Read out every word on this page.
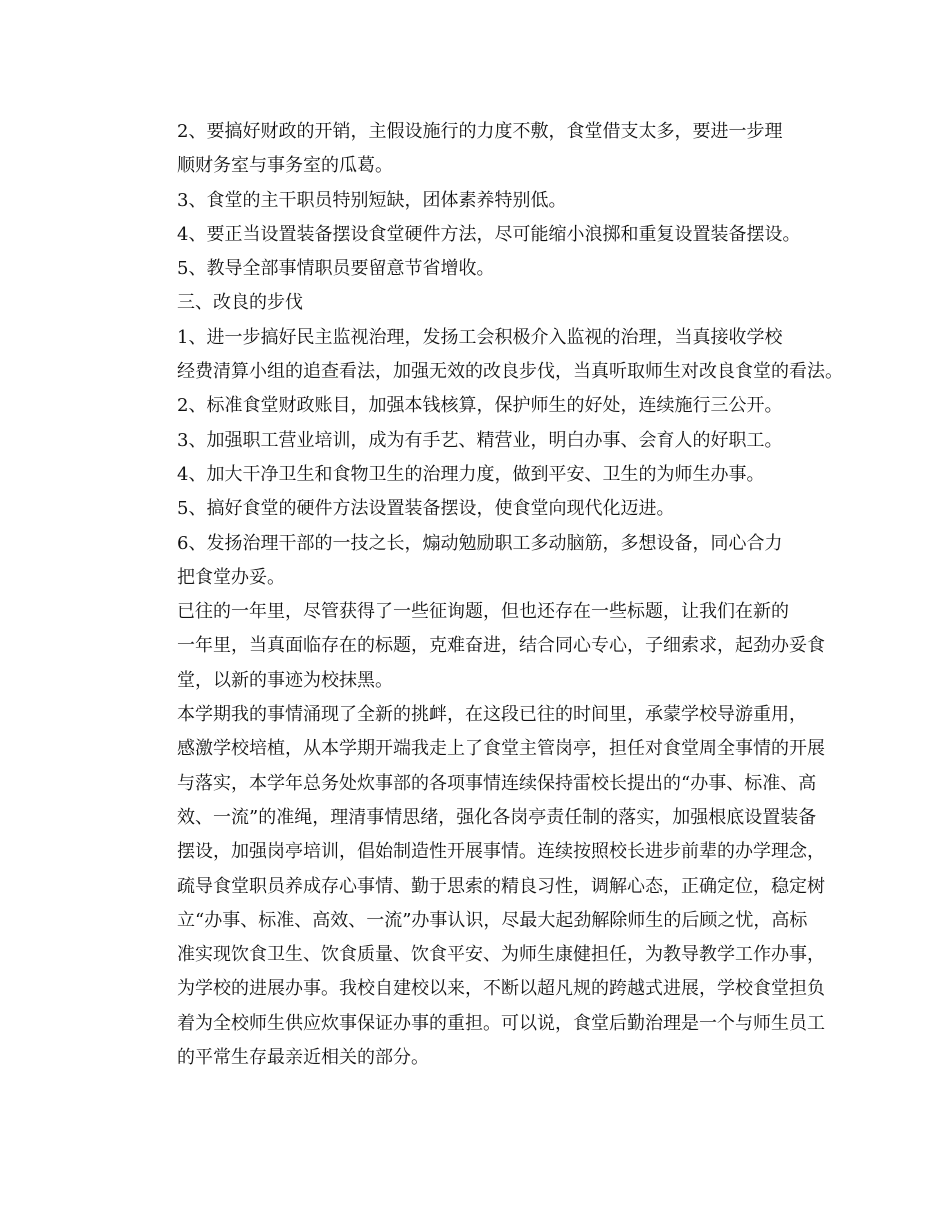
2、要搞好财政的开销，主假设施行的力度不敷，食堂借支太多，要进一步理
顺财务室与事务室的瓜葛。

3、食堂的主干职员特别短缺，团体素养特别低。

4、要正当设置装备摆设食堂硬件方法，尽可能缩小浪掷和重复设置装备摆设。

5、教导全部事情职员要留意节省增收。

三、改良的步伐

1、进一步搞好民主监视治理，发扬工会积极介入监视的治理，当真接收学校
经费清算小组的追查看法，加强无效的改良步伐，当真听取师生对改良食堂的看法。

2、标准食堂财政账目，加强本钱核算，保护师生的好处，连续施行三公开。

3、加强职工营业培训，成为有手艺、精营业，明白办事、会育人的好职工。

4、加大干净卫生和食物卫生的治理力度，做到平安、卫生的为师生办事。

5、搞好食堂的硬件方法设置装备摆设，使食堂向现代化迈进。

6、发扬治理干部的一技之长，煽动勉励职工多动脑筋，多想设备，同心合力
把食堂办妥。

已往的一年里，尽管获得了一些征询题，但也还存在一些标题，让我们在新的
一年里，当真面临存在的标题，克难奋进，结合同心专心，子细索求，起劲办妥食
堂，以新的事迹为校抹黑。

本学期我的事情涌现了全新的挑衅，在这段已往的时间里，承蒙学校导游重用，
感激学校培植，从本学期开端我走上了食堂主管岗亭，担任对食堂周全事情的开展
与落实，本学年总务处炊事部的各项事情连续保持雷校长提出的“办事、标准、高
效、一流”的准绳，理清事情思绪，强化各岗亭责任制的落实，加强根底设置装备
摆设，加强岗亭培训，倡始制造性开展事情。连续按照校长进步前辈的办学理念，
疏导食堂职员养成存心事情、勤于思索的精良习性，调解心态，正确定位，稳定树
立“办事、标准、高效、一流”办事认识，尽最大起劲解除师生的后顾之忧，高标
准实现饮食卫生、饮食质量、饮食平安、为师生康健担任，为教导教学工作办事，
为学校的进展办事。我校自建校以来，不断以超凡规的跨越式进展，学校食堂担负
着为全校师生供应炊事保证办事的重担。可以说，食堂后勤治理是一个与师生员工
的平常生存最亲近相关的部分。
